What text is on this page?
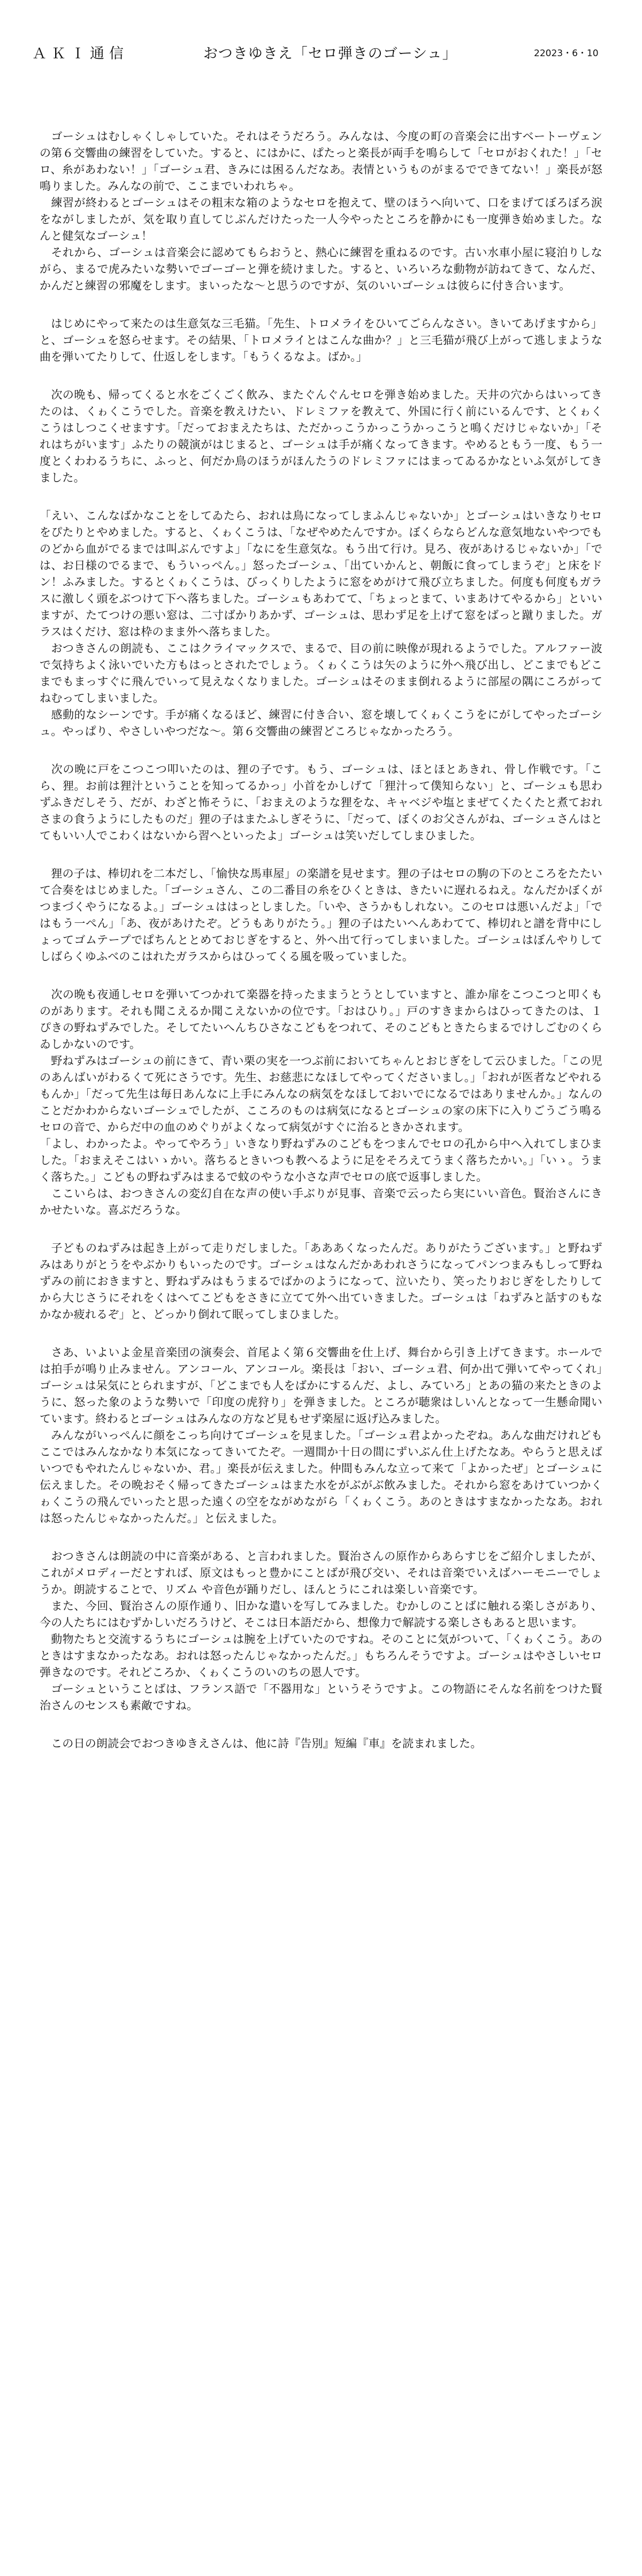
ＡＫＩ通信	おつきゆきえ「セロ弾きのゴーシュ」	22023・6・10

　ゴーシュはむしゃくしゃしていた。それはそうだろう。みんなは、今度の町の音楽会に出すベートーヴェンの第６交響曲の練習をしていた。すると、にはかに、ぱたっと楽長が両手を鳴らして「セロがおくれた！」「セロ、糸があわない！」「ゴーシュ君、きみには困るんだなあ。表情というものがまるでできてない！」楽長が怒鳴りました。みんなの前で、ここまでいわれちゃ。
　練習が終わるとゴーシュはその粗末な箱のようなセロを抱えて、壁のほうへ向いて、口をまげてぼろぼろ涙をながしましたが、気を取り直してじぶんだけたった一人今やったところを静かにも一度弾き始めました。なんと健気なゴーシュ！
　それから、ゴーシュは音楽会に認めてもらおうと、熱心に練習を重ねるのです。古い水車小屋に寝泊りしながら、まるで虎みたいな勢いでゴーゴーと弾を続けました。すると、いろいろな動物が訪ねてきて、なんだ、かんだと練習の邪魔をします。まいったな～と思うのですが、気のいいゴーシュは彼らに付き合います。

　はじめにやって来たのは生意気な三毛猫。「先生、トロメライをひいてごらんなさい。きいてあげますから」と、ゴーシュを怒らせます。その結果、「トロメライとはこんな曲か？」と三毛猫が飛び上がって逃しまような曲を弾いてたりして、仕返しをします。「もうくるなよ。ばか。」

　次の晩も、帰ってくると水をごくごく飲み、またぐんぐんセロを弾き始めました。天井の穴からはいってきたのは、くゎくこうでした。音楽を教えけたい、ドレミファを教えて、外国に行く前にいるんです、とくゎくこうはしつこくせますす。「だっておまえたちは、ただかっこうかっこうかっこうと鳴くだけじゃないか」「それはちがいます」ふたりの競演がはじまると、ゴーシュは手が痛くなってきます。やめるともう一度、もう一度とくわわるうちに、ふっと、何だか鳥のほうがほんたうのドレミファにはまってゐるかなといふ気がしてきました。

「えい、こんなばかなことをしてゐたら、おれは鳥になってしまふんじゃないか」とゴーシュはいきなりセロをぴたりとやめました。すると、くゎくこうは、「なぜやめたんですか。ぼくらならどんな意気地ないやつでものどから血がでるまでは叫ぶんですよ」「なにを生意気な。もう出て行け。見ろ、夜があけるじゃないか」「では、お日様のでるまで、もういっぺん。」怒ったゴーシュ、「出ていかんと、朝飯に食ってしまうぞ」と床をドン！ふみました。するとくゎくこうは、びっくりしたように窓をめがけて飛び立ちました。何度も何度もガラスに激しく頭をぶつけて下へ落ちました。ゴーシュもあわてて、「ちょっとまて、いまあけてやるから」といいますが、たてつけの悪い窓は、二寸ばかりあかず、ゴーシュは、思わず足を上げて窓をばっと蹴りました。ガラスはくだけ、窓は枠のまま外へ落ちました。
　おつきさんの朗読も、ここはクライマックスで、まるで、目の前に映像が現れるようでした。アルファー波で気持ちよく泳いでいた方もはっとされたでしょう。くゎくこうは矢のように外へ飛び出し、どこまでもどこまでもまっすぐに飛んでいって見えなくなりました。ゴーシュはそのまま倒れるように部屋の隅にころがってねむってしまいました。
　感動的なシーンです。手が痛くなるほど、練習に付き合い、窓を壊してくゎくこうをにがしてやったゴーシュ。やっぱり、やさしいやつだな～。第６交響曲の練習どころじゃなかったろう。

　次の晩に戸をこつこつ叩いたのは、狸の子です。もう、ゴーシュは、ほとほとあきれ、骨し作戦です。「こら、狸。お前は狸汁ということを知ってるかっ」小首をかしげて「狸汁って僕知らない」と、ゴーシュも思わずふきだしそう、だが、わざと怖そうに、「おまえのような狸をな、キャベジや塩とまぜてくたくたと煮ておれさまの食うようにしたものだ」狸の子はまたふしぎそうに、「だって、ぼくのお父さんがね、ゴーシュさんはとてもいい人でこわくはないから習へといったよ」ゴーシュは笑いだしてしまひました。

　狸の子は、棒切れを二本だし、「愉快な馬車屋」の楽譜を見せます。狸の子はセロの駒の下のところをたたいて合奏をはじめました。「ゴーシュさん、この二番目の糸をひくときは、きたいに遅れるねえ。なんだかぼくがつまづくやうになるよ。」ゴーシュははっとしました。「いや、さうかもしれない。このセロは悪いんだよ」「ではもう一ぺん」「あ、夜があけたぞ。どうもありがたう。」狸の子はたいへんあわてて、棒切れと譜を背中にしょってゴムテープでぱちんととめておじぎをすると、外へ出て行ってしまいました。ゴーシュはぼんやりしてしばらくゆふべのこはれたガラスからはひってくる風を吸っていました。

　次の晩も夜通しセロを弾いてつかれて楽器を持ったままうとうとしていますと、誰か扉をこつこつと叩くものがあります。それも聞こえるか聞こえないかの位です。「おはひり。」戸のすきまからはひってきたのは、１ぴきの野ねずみでした。そしてたいへんちひさなこどもをつれて、そのこどもときたらまるでけしごむのくらゐしかないのです。
　野ねずみはゴーシュの前にきて、青い栗の実を一つぶ前においてちゃんとおじぎをして云ひました。「この児のあんばいがわるくて死にさうです。先生、お慈悲になほしてやってくださいまし。」「おれが医者などやれるもんか」「だって先生は毎日あんなに上手にみんなの病気をなほしておいでになるではありませんか。」なんのことだかわからないゴーシュでしたが、こころのものは病気になるとゴーシュの家の床下に入りごうごう鳴るセロの音で、からだ中の血のめぐりがよくなって病気がすぐに治るときかされます。
「よし、わかったよ。やってやろう」いきなり野ねずみのこどもをつまんでセロの孔から中へ入れてしまひました。「おまえそこはいゝかい。落ちるときいつも教へるように足をそろえてうまく落ちたかい。」「いゝ。うまく落ちた。」こどもの野ねずみはまるで蚊のやうな小さな声でセロの底で返事しました。
　ここいらは、おつきさんの変幻自在な声の使い手ぶりが見事、音楽で云ったら実にいい音色。賢治さんにきかせたいな。喜ぶだろうな。

　子どものねずみは起き上がって走りだしました。「あああくなったんだ。ありがたうございます。」と野ねずみはありがとうをやぶかりもいったのです。ゴーシュはなんだかあわれさうになってパンつまみもしって野ねずみの前におきますと、野ねずみはもうまるでばかのようになって、泣いたり、笑ったりおじぎをしたりしてから大じさうにそれをくはへてこどもをさきに立てて外へ出ていきました。ゴーシュは「ねずみと話すのもなかなか疲れるぞ」と、どっかり倒れて眠ってしまひました。

　さあ、いよいよ金星音楽団の演奏会、首尾よく第６交響曲を仕上げ、舞台から引き上げてきます。ホールでは拍手が鳴り止みません。アンコール、アンコール。楽長は「おい、ゴーシュ君、何か出て弾いてやってくれ」ゴーシュは呆気にとられますが、「どこまでも人をばかにするんだ、よし、みていろ」とあの猫の来たときのように、怒った象のような勢いで「印度の虎狩り」を弾きました。ところが聴衆はしいんとなって一生懸命聞いています。終わるとゴーシュはみんなの方など見もせず楽屋に返げ込みました。
　みんながいっぺんに顔をこっち向けてゴーシュを見ました。「ゴーシュ君よかったぞね。あんな曲だけれどもここではみんなかなり本気になってきいてたぞ。一週間か十日の間にずいぶん仕上げたなあ。やらうと思えばいつでもやれたんじゃないか、君。」楽長が伝えました。仲間もみんな立って来て「よかったぜ」とゴーシュに伝えました。その晩おそく帰ってきたゴーシュはまた水をがぶがぶ飲みました。それから窓をあけていつかくゎくこうの飛んでいったと思った遠くの空をながめながら「くゎくこう。あのときはすまなかったなあ。おれは怒ったんじゃなかったんだ。」と伝えました。

　おつきさんは朗読の中に音楽がある、と言われました。賢治さんの原作からあらすじをご紹介しましたが、これがメロディーだとすれば、原文はもっと豊かにことばが飛び交い、それは音楽でいえばハーモニーでしょうか。朗読することで、リズム や音色が踊りだし、ほんとうにこれは楽しい音楽です。
　また、今回、賢治さんの原作通り、旧かな遣いを写してみました。むかしのことばに触れる楽しさがあり、今の人たちにはむずかしいだろうけど、そこは日本語だから、想像力で解読する楽しさもあると思います。
　動物たちと交流するうちにゴーシュは腕を上げていたのですね。そのことに気がついて、「くゎくこう。あのときはすまなかったなあ。おれは怒ったんじゃなかったんだ。」もちろんそうですよ。ゴーシュはやさしいセロ弾きなのです。それどころか、くゎくこうのいのちの恩人です。
　ゴーシュということばは、フランス語で「不器用な」というそうですよ。この物語にそんな名前をつけた賢治さんのセンスも素敵ですね。

　この日の朗読会でおつきゆきえさんは、他に詩『告別』短編『車』を読まれました。
